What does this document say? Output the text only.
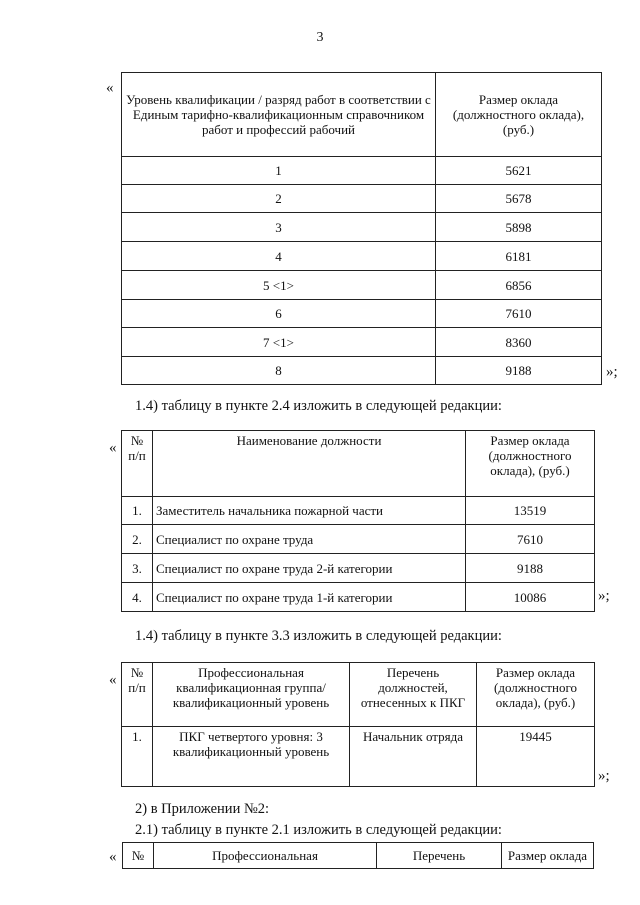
3
«
Уровень квалификации / разряд работ в соответствии с Единым тарифно-квалификационным справочником работ и профессий рабочий	Размер оклада (должностного оклада), (руб.)
1	5621
2	5678
3	5898
4	6181
5 <1>	6856
6	7610
7 <1>	8360
8	9188	»;
1.4) таблицу в пункте 2.4 изложить в следующей редакции:
« № п/п	Наименование должности	Размер оклада (должностного оклада), (руб.)
1.	Заместитель начальника пожарной части	13519
2.	Специалист по охране труда	7610
3.	Специалист по охране труда 2-й категории	9188
4.	Специалист по охране труда 1-й категории	10086	»;
1.4) таблицу в пункте 3.3 изложить в следующей редакции:
« № п/п	Профессиональная квалификационная группа/ квалификационный уровень	Перечень должностей, отнесенных к ПКГ	Размер оклада (должностного оклада), (руб.)
1.	ПКГ четвертого уровня: 3 квалификационный уровень	Начальник отряда	19445
»;
2) в Приложении №2:
2.1) таблицу в пункте 2.1 изложить в следующей редакции:
« №	Профессиональная	Перечень	Размер оклада
